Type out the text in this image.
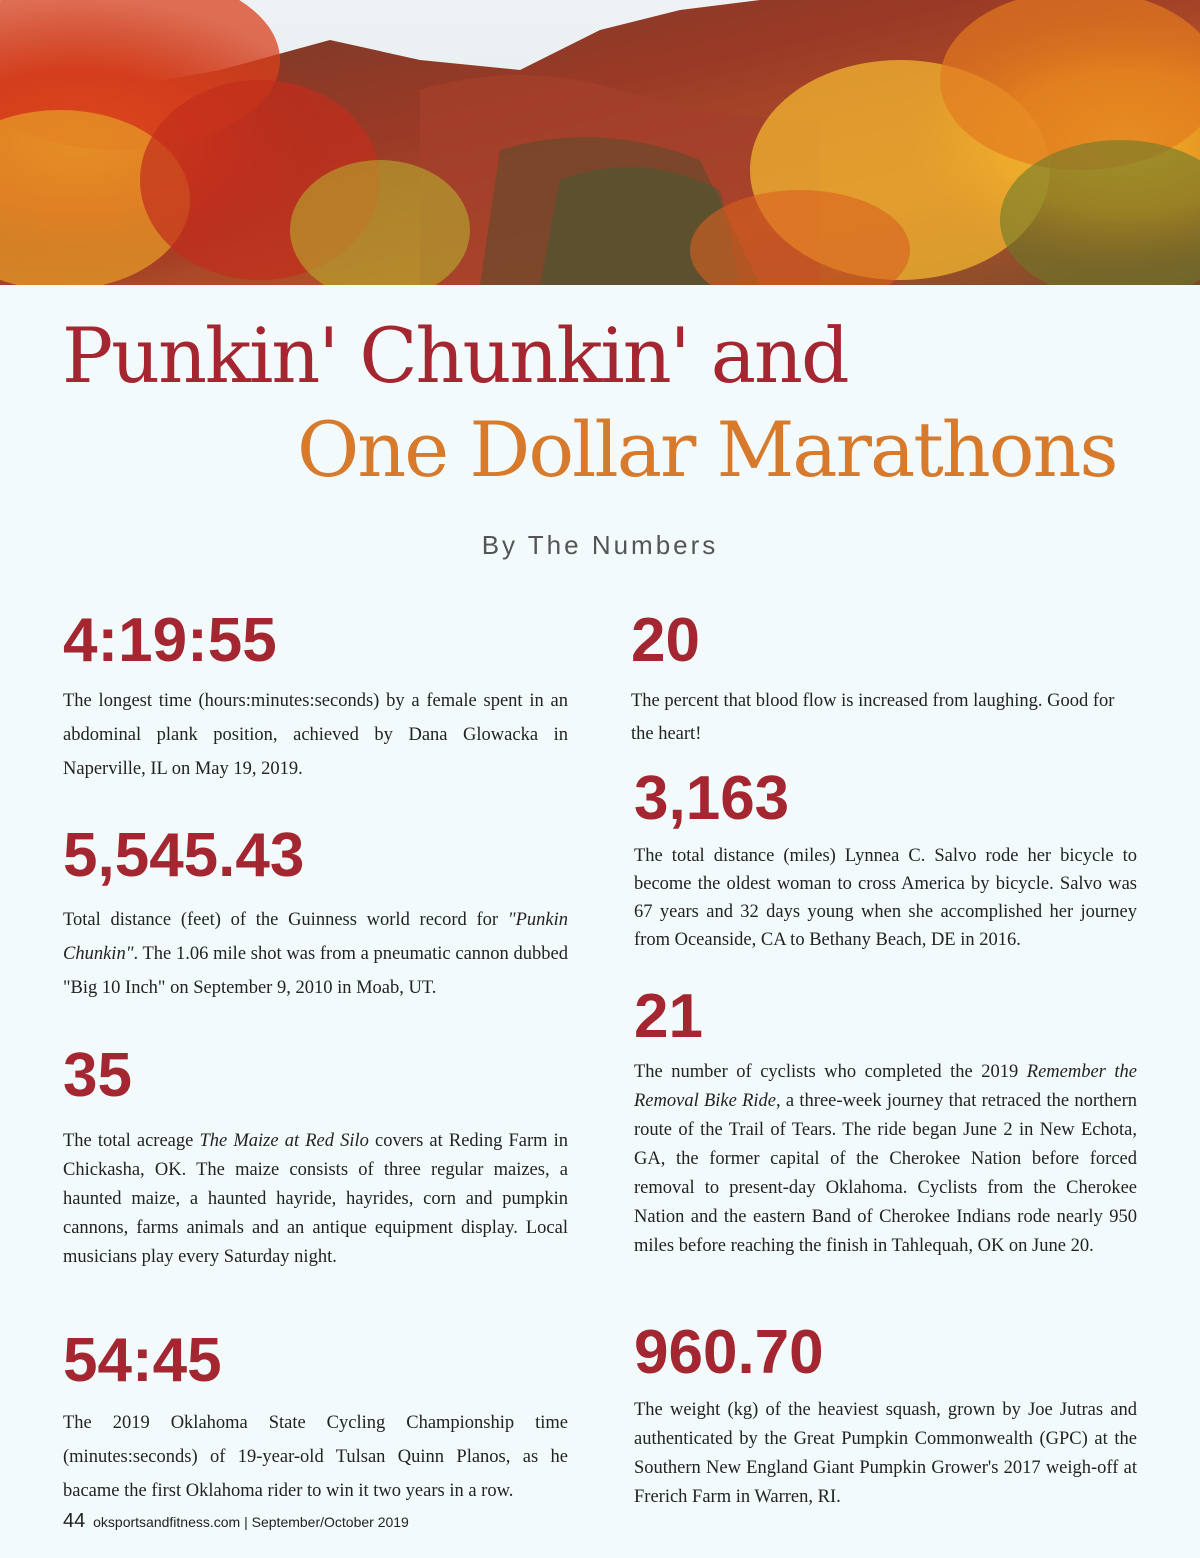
Punkin' Chunkin' and
One Dollar Marathons
By The Numbers

4:19:55

The longest time (hours:minutes:seconds) by a female spent in an abdominal plank position, achieved by Dana Glowacka in Naperville, IL on May 19, 2019.

5,545.43

Total distance (feet) of the Guinness world record for "Punkin Chunkin". The 1.06 mile shot was from a pneumatic cannon dubbed "Big 10 Inch" on September 9, 2010 in Moab, UT.

35

The total acreage The Maize at Red Silo covers at Reding Farm in Chickasha, OK. The maize consists of three regular maizes, a haunted maize, a haunted hayride, hayrides, corn and pumpkin cannons, farms animals and an antique equipment display. Local musicians play every Saturday night.

54:45

The 2019 Oklahoma State Cycling Championship time (minutes:seconds) of 19-year-old Tulsan Quinn Planos, as he bacame the first Oklahoma rider to win it two years in a row.

20

The percent that blood flow is increased from laughing. Good for the heart!

3,163

The total distance (miles) Lynnea C. Salvo rode her bicycle to become the oldest woman to cross America by bicycle. Salvo was 67 years and 32 days young when she accomplished her journey from Oceanside, CA to Bethany Beach, DE in 2016.

21

The number of cyclists who completed the 2019 Remember the Removal Bike Ride, a three-week journey that retraced the northern route of the Trail of Tears. The ride began June 2 in New Echota, GA, the former capital of the Cherokee Nation before forced removal to present-day Oklahoma. Cyclists from the Cherokee Nation and the eastern Band of Cherokee Indians rode nearly 950 miles before reaching the finish in Tahlequah, OK on June 20.

960.70

The weight (kg) of the heaviest squash, grown by Joe Jutras and authenticated by the Great Pumpkin Commonwealth (GPC) at the Southern New England Giant Pumpkin Grower's 2017 weigh-off at Frerich Farm in Warren, RI.

44 oksportsandfitness.com | September/October 2019
